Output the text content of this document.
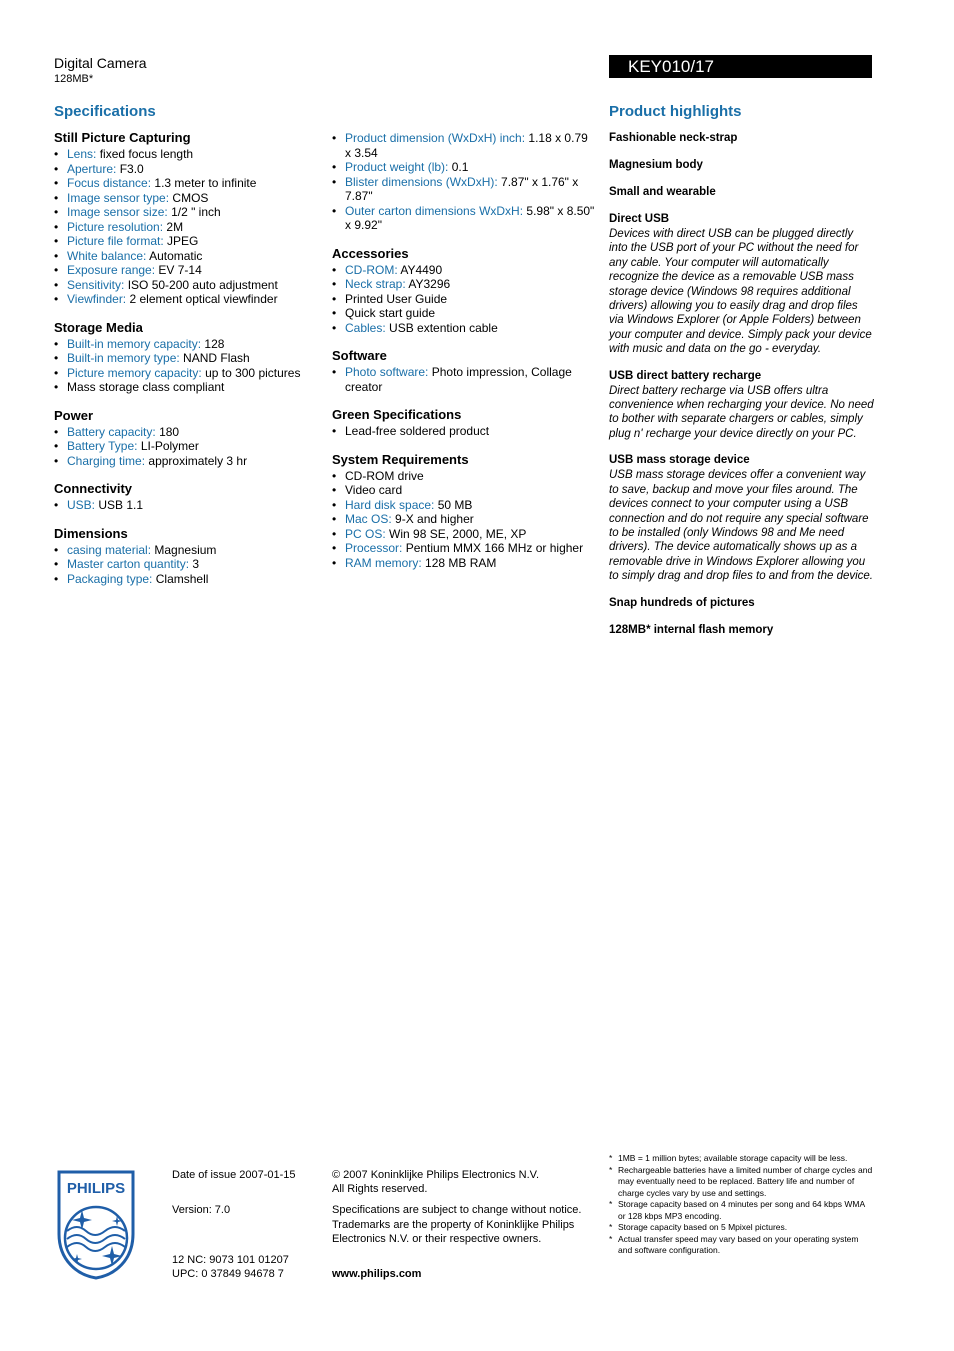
Digital Camera
128MB*
KEY010/17
Specifications
Still Picture Capturing
• Lens: fixed focus length
• Aperture: F3.0
• Focus distance: 1.3 meter to infinite
• Image sensor type: CMOS
• Image sensor size: 1/2 " inch
• Picture resolution: 2M
• Picture file format: JPEG
• White balance: Automatic
• Exposure range: EV 7-14
• Sensitivity: ISO 50-200 auto adjustment
• Viewfinder: 2 element optical viewfinder
Storage Media
• Built-in memory capacity: 128
• Built-in memory type: NAND Flash
• Picture memory capacity: up to 300 pictures
• Mass storage class compliant
Power
• Battery capacity: 180
• Battery Type: LI-Polymer
• Charging time: approximately 3 hr
Connectivity
• USB: USB 1.1
Dimensions
• casing material: Magnesium
• Master carton quantity: 3
• Packaging type: Clamshell
• Product dimension (WxDxH) inch: 1.18 x 0.79 x 3.54
• Product weight (lb): 0.1
• Blister dimensions (WxDxH): 7.87" x 1.76" x 7.87"
• Outer carton dimensions WxDxH: 5.98" x 8.50" x 9.92"
Accessories
• CD-ROM: AY4490
• Neck strap: AY3296
• Printed User Guide
• Quick start guide
• Cables: USB extention cable
Software
• Photo software: Photo impression, Collage creator
Green Specifications
• Lead-free soldered product
System Requirements
• CD-ROM drive
• Video card
• Hard disk space: 50 MB
• Mac OS: 9-X and higher
• PC OS: Win 98 SE, 2000, ME, XP
• Processor: Pentium MMX 166 MHz or higher
• RAM memory: 128 MB RAM
Product highlights
Fashionable neck-strap
Magnesium body
Small and wearable
Direct USB

Devices with direct USB can be plugged directly into the USB port of your PC without the need for any cable. Your computer will automatically recognize the device as a removable USB mass storage device (Windows 98 requires additional drivers) allowing you to easily drag and drop files via Windows Explorer (or Apple Folders) between your computer and device. Simply pack your device with music and data on the go - everyday.

USB direct battery recharge

Direct battery recharge via USB offers ultra convenience when recharging your device. No need to bother with separate chargers or cables, simply plug n' recharge your device directly on your PC.

USB mass storage device

USB mass storage devices offer a convenient way to save, backup and move your files around. The devices connect to your computer using a USB connection and do not require any special software to be installed (only Windows 98 and Me need drivers). The device automatically shows up as a removable drive in Windows Explorer allowing you to simply drag and drop files to and from the device.

Snap hundreds of pictures
128MB* internal flash memory
PHILIPS
Date of issue 2007-01-15
Version: 7.0
12 NC: 9073 101 01207
UPC: 0 37849 94678 7
© 2007 Koninklijke Philips Electronics N.V.
All Rights reserved.
Specifications are subject to change without notice. Trademarks are the property of Koninklijke Philips Electronics N.V. or their respective owners.
www.philips.com
* 1MB = 1 million bytes; available storage capacity will be less.
* Rechargeable batteries have a limited number of charge cycles and may eventually need to be replaced. Battery life and number of charge cycles vary by use and settings.
* Storage capacity based on 4 minutes per song and 64 kbps WMA or 128 kbps MP3 encoding.
* Storage capacity based on 5 Mpixel pictures.
* Actual transfer speed may vary based on your operating system and software configuration.
